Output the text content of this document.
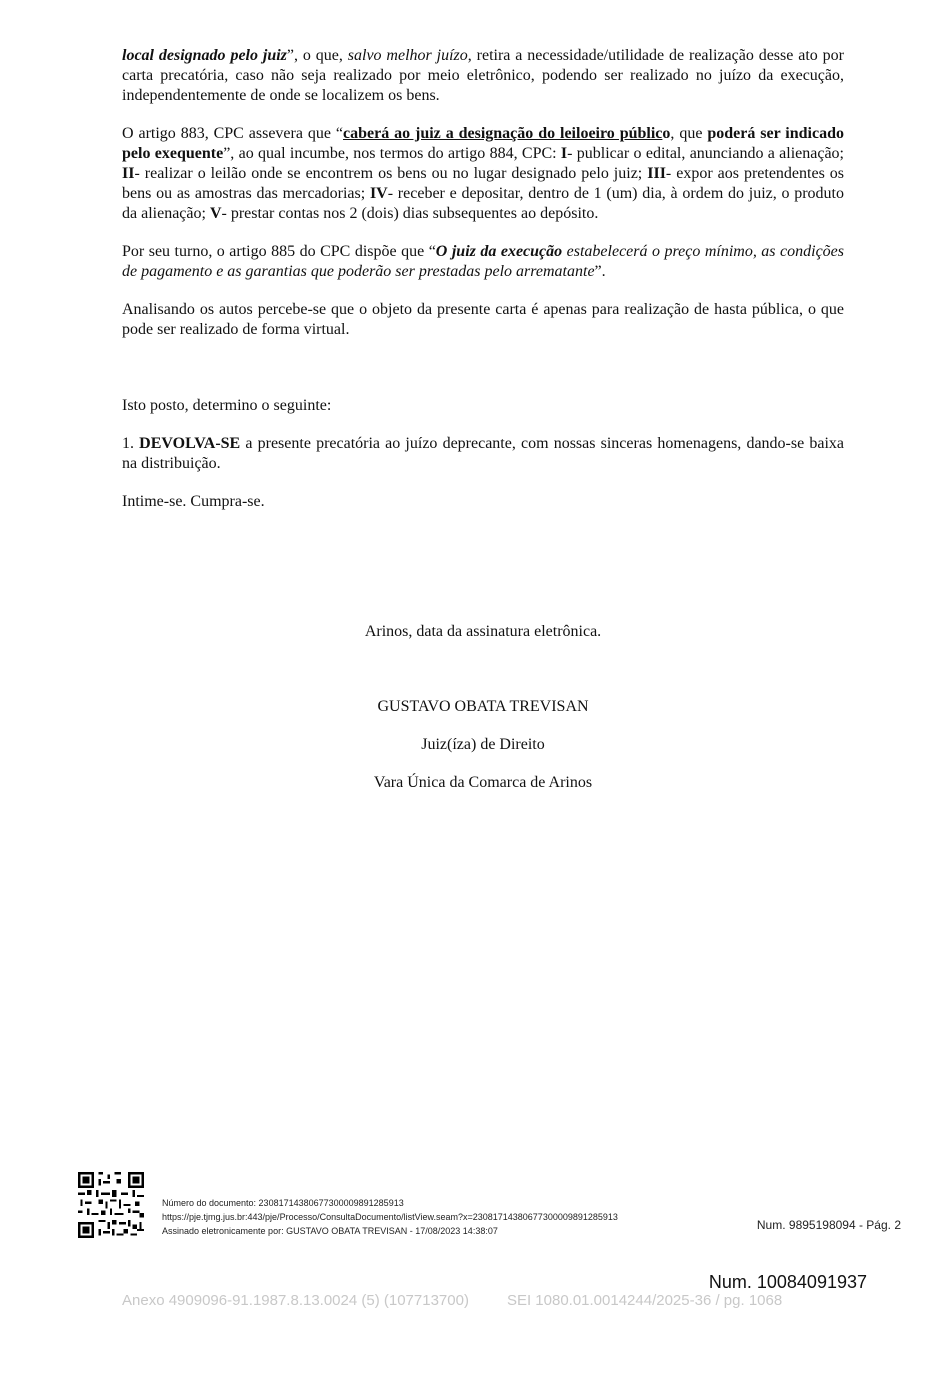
local designado pelo juiz”, o que, salvo melhor juízo, retira a necessidade/utilidade de realização desse ato por carta precatória, caso não seja realizado por meio eletrônico, podendo ser realizado no juízo da execução, independentemente de onde se localizem os bens.

O artigo 883, CPC assevera que “caberá ao juiz a designação do leiloeiro público, que poderá ser indicado pelo exequente”, ao qual incumbe, nos termos do artigo 884, CPC: I- publicar o edital, anunciando a alienação; II- realizar o leilão onde se encontrem os bens ou no lugar designado pelo juiz; III- expor aos pretendentes os bens ou as amostras das mercadorias; IV- receber e depositar, dentro de 1 (um) dia, à ordem do juiz, o produto da alienação; V- prestar contas nos 2 (dois) dias subsequentes ao depósito.

Por seu turno, o artigo 885 do CPC dispõe que “O juiz da execução estabelecerá o preço mínimo, as condições de pagamento e as garantias que poderão ser prestadas pelo arrematante”.

Analisando os autos percebe-se que o objeto da presente carta é apenas para realização de hasta pública, o que pode ser realizado de forma virtual.

Isto posto, determino o seguinte:

1. DEVOLVA-SE a presente precatória ao juízo deprecante, com nossas sinceras homenagens, dando-se baixa na distribuição.

Intime-se. Cumpra-se.

Arinos, data da assinatura eletrônica.
GUSTAVO OBATA TREVISAN
Juiz(íza) de Direito
Vara Única da Comarca de Arinos
Número do documento: 23081714380677300009891285913
https://pje.tjmg.jus.br:443/pje/Processo/ConsultaDocumento/listView.seam?x=23081714380677300009891285913
Assinado eletronicamente por: GUSTAVO OBATA TREVISAN - 17/08/2023 14:38:07	Num. 9895198094 - Pág. 2
Num. 10084091937
Anexo 4909096-91.1987.8.13.0024 (5) (107713700)	SEI 1080.01.0014244/2025-36 / pg. 1068
